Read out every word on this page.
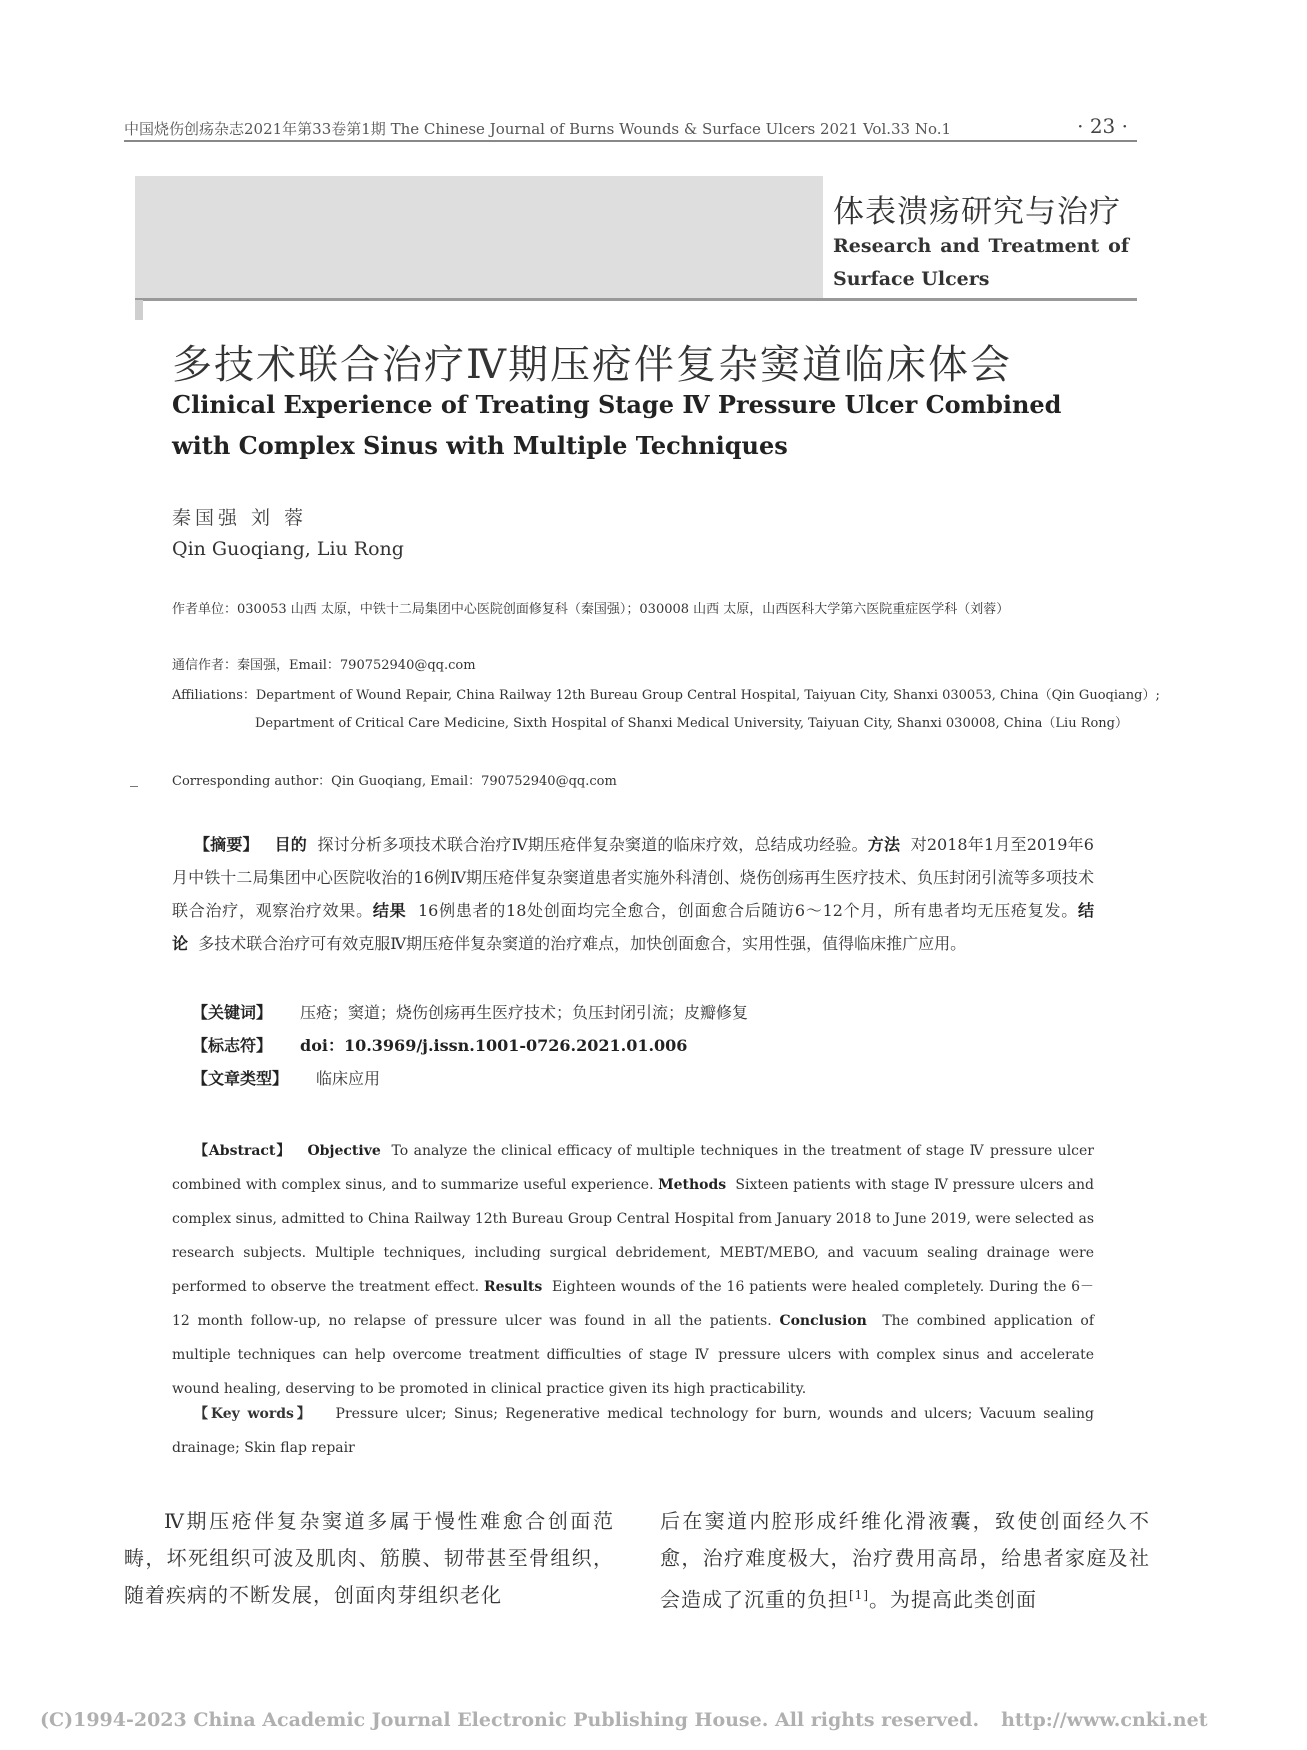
中国烧伤创疡杂志2021年第33卷第1期 The Chinese Journal of Burns Wounds & Surface Ulcers 2021 Vol.33 No.1	· 23 ·
体表溃疡研究与治疗
Research and Treatment of Surface Ulcers
多技术联合治疗Ⅳ期压疮伴复杂窦道临床体会
Clinical Experience of Treating Stage Ⅳ Pressure Ulcer Combined with Complex Sinus with Multiple Techniques
秦国强 刘 蓉
Qin Guoqiang, Liu Rong
作者单位：030053 山西 太原，中铁十二局集团中心医院创面修复科（秦国强）；030008 山西 太原，山西医科大学第六医院重症医学科（刘蓉）
通信作者：秦国强，Email：790752940@qq.com
Affiliations：Department of Wound Repair, China Railway 12th Bureau Group Central Hospital, Taiyuan City, Shanxi 030053, China（Qin Guoqiang）; Department of Critical Care Medicine, Sixth Hospital of Shanxi Medical University, Taiyuan City, Shanxi 030008, China（Liu Rong）
Corresponding author：Qin Guoqiang, Email：790752940@qq.com
【摘要】 目的 探讨分析多项技术联合治疗Ⅳ期压疮伴复杂窦道的临床疗效，总结成功经验。方法 对2018年1月至2019年6月中铁十二局集团中心医院收治的16例Ⅳ期压疮伴复杂窦道患者实施外科清创、烧伤创疡再生医疗技术、负压封闭引流等多项技术联合治疗，观察治疗效果。结果 16例患者的18处创面均完全愈合，创面愈合后随访6～12个月，所有患者均无压疮复发。结论 多技术联合治疗可有效克服Ⅳ期压疮伴复杂窦道的治疗难点，加快创面愈合，实用性强，值得临床推广应用。
【关键词】 压疮；窦道；烧伤创疡再生医疗技术；负压封闭引流；皮瓣修复
【标志符】 doi：10.3969/j.issn.1001-0726.2021.01.006
【文章类型】 临床应用
【Abstract】 Objective To analyze the clinical efficacy of multiple techniques in the treatment of stage Ⅳ pressure ulcer combined with complex sinus, and to summarize useful experience. Methods Sixteen patients with stage Ⅳ pressure ulcers and complex sinus, admitted to China Railway 12th Bureau Group Central Hospital from January 2018 to June 2019, were selected as research subjects. Multiple techniques, including surgical debridement, MEBT/MEBO, and vacuum sealing drainage were performed to observe the treatment effect. Results Eighteen wounds of the 16 patients were healed completely. During the 6－12 month follow-up, no relapse of pressure ulcer was found in all the patients. Conclusion The combined application of multiple techniques can help overcome treatment difficulties of stage Ⅳ pressure ulcers with complex sinus and accelerate wound healing, deserving to be promoted in clinical practice given its high practicability.
【Key words】 Pressure ulcer; Sinus; Regenerative medical technology for burn, wounds and ulcers; Vacuum sealing drainage; Skin flap repair
Ⅳ期压疮伴复杂窦道多属于慢性难愈合创面范畴，坏死组织可波及肌肉、筋膜、韧带甚至骨组织，随着疾病的不断发展，创面肉芽组织老化
后在窦道内腔形成纤维化滑液囊，致使创面经久不愈，治疗难度极大，治疗费用高昂，给患者家庭及社会造成了沉重的负担[1]。为提高此类创面
(C)1994-2023 China Academic Journal Electronic Publishing House. All rights reserved. http://www.cnki.net
